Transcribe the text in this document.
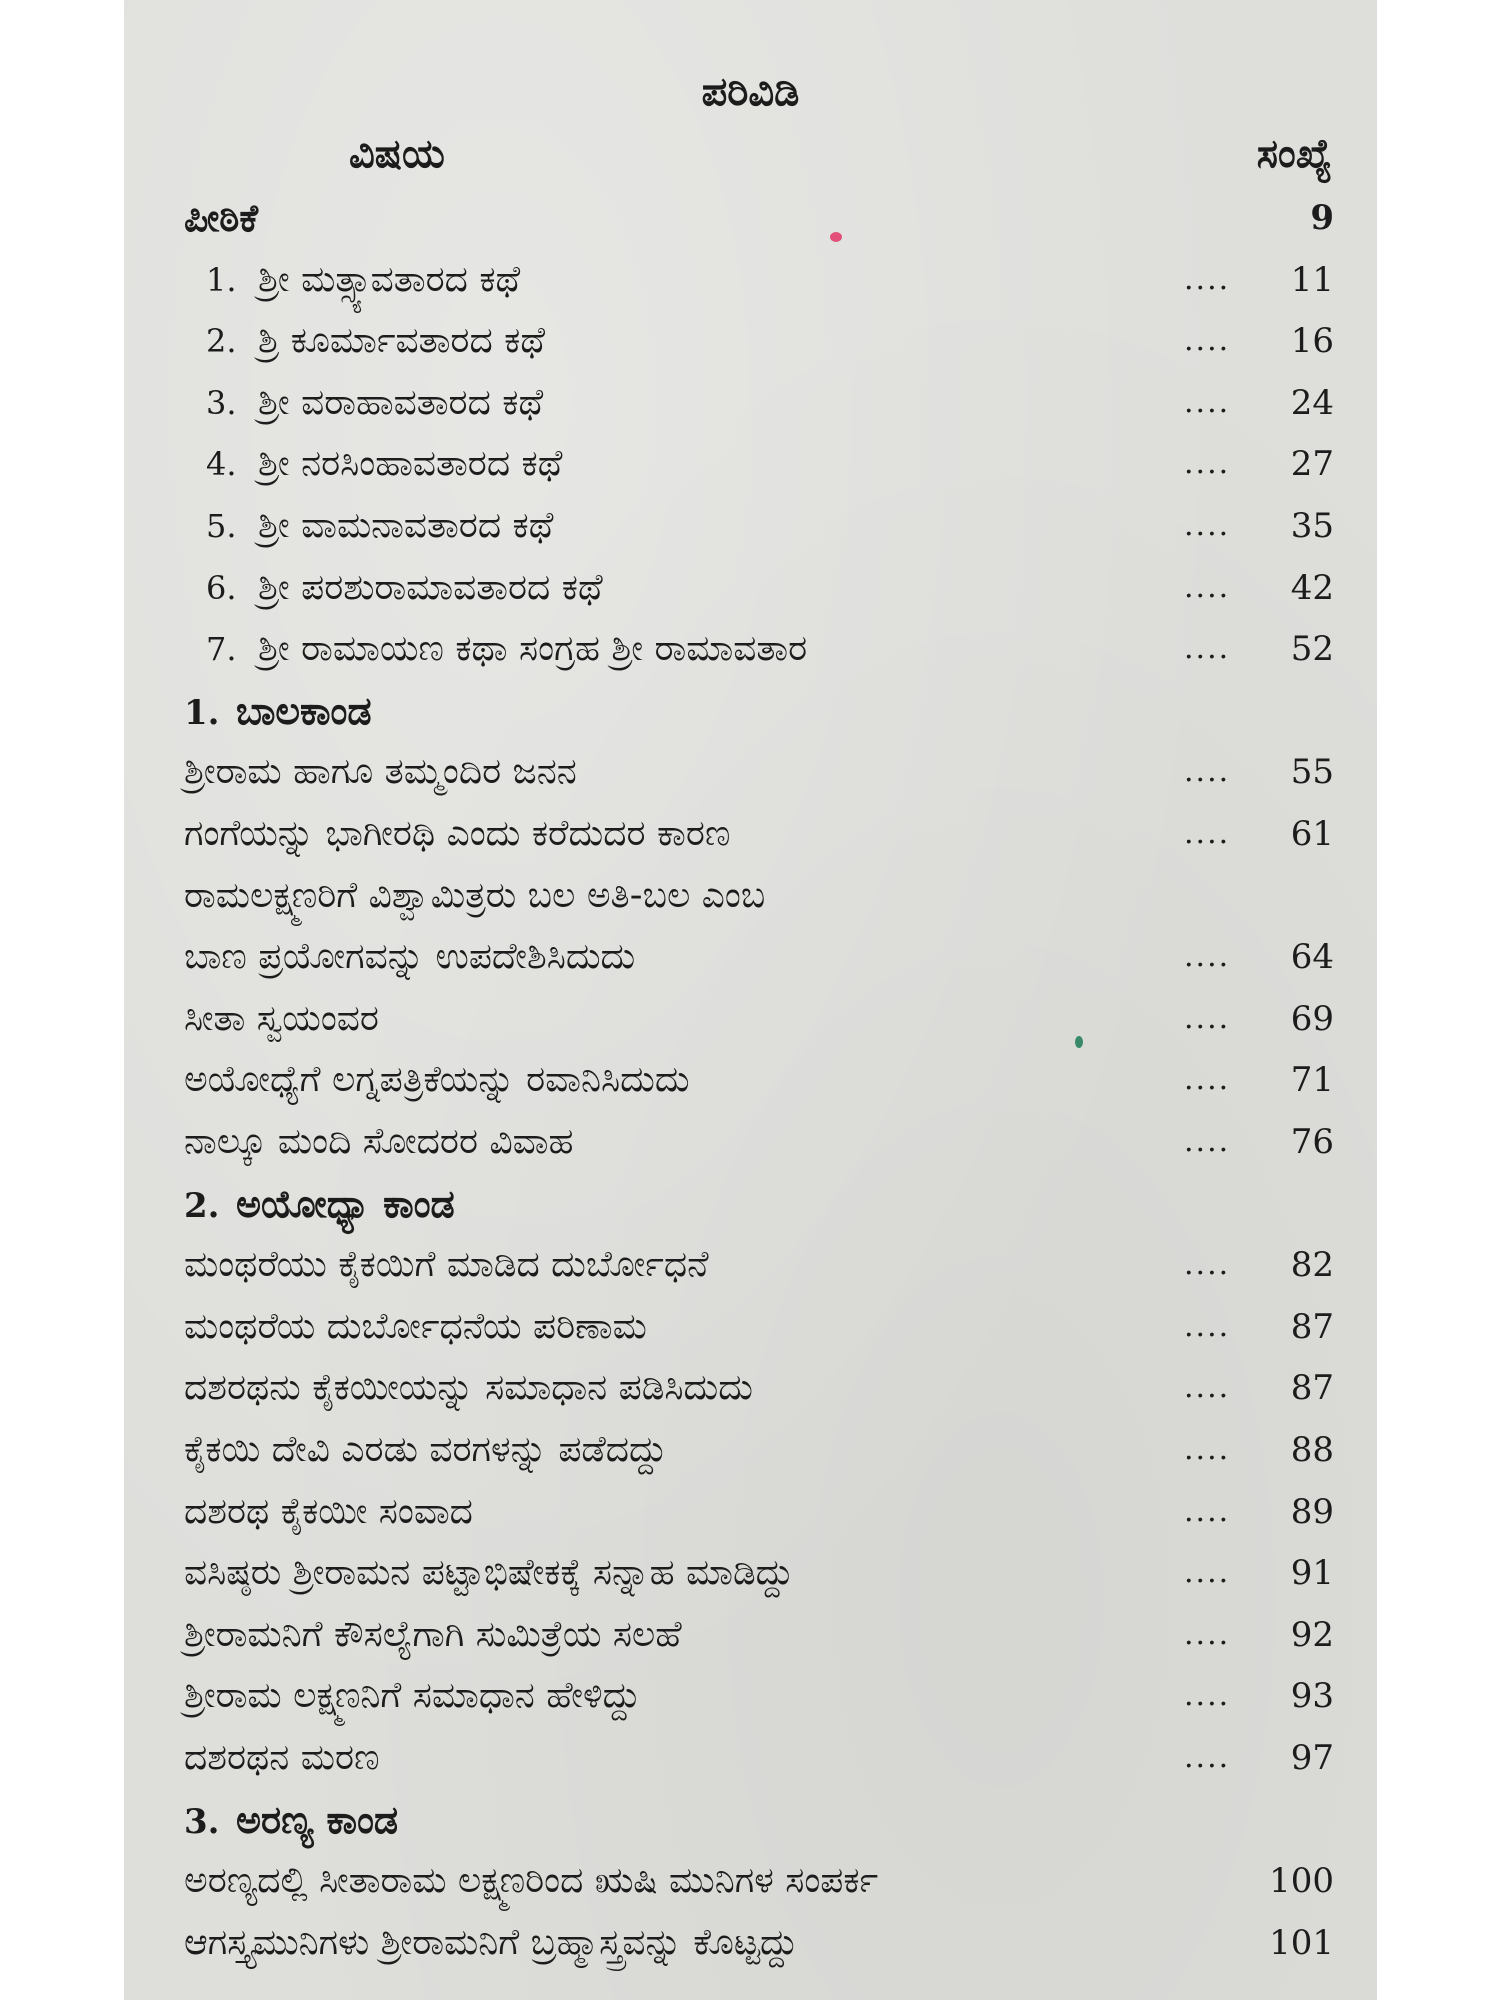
ಪರಿವಿಡಿ
ವಿಷಯ	ಸಂಖ್ಯೆ
ಪೀಠಿಕೆ	9
1. ಶ್ರೀ ಮತ್ಸ್ಯಾವತಾರದ ಕಥೆ	....	11
2. ಶ್ರಿ ಕೂರ್ಮಾವತಾರದ ಕಥೆ	....	16
3. ಶ್ರೀ ವರಾಹಾವತಾರದ ಕಥೆ	....	24
4. ಶ್ರೀ ನರಸಿಂಹಾವತಾರದ ಕಥೆ	....	27
5. ಶ್ರೀ ವಾಮನಾವತಾರದ ಕಥೆ	....	35
6. ಶ್ರೀ ಪರಶುರಾಮಾವತಾರದ ಕಥೆ	....	42
7. ಶ್ರೀ ರಾಮಾಯಣ ಕಥಾ ಸಂಗ್ರಹ ಶ್ರೀ ರಾಮಾವತಾರ	....	52
1. ಬಾಲಕಾಂಡ
ಶ್ರೀರಾಮ ಹಾಗೂ ತಮ್ಮಂದಿರ ಜನನ	....	55
ಗಂಗೆಯನ್ನು ಭಾಗೀರಥಿ ಎಂದು ಕರೆದುದರ ಕಾರಣ	....	61
ರಾಮಲಕ್ಷ್ಮಣರಿಗೆ ವಿಶ್ವಾಮಿತ್ರರು ಬಲ ಅತಿ-ಬಲ ಎಂಬ
ಬಾಣ ಪ್ರಯೋಗವನ್ನು ಉಪದೇಶಿಸಿದುದು	....	64
ಸೀತಾ ಸ್ವಯಂವರ	....	69
ಅಯೋಧ್ಯೆಗೆ ಲಗ್ನಪತ್ರಿಕೆಯನ್ನು ರವಾನಿಸಿದುದು	....	71
ನಾಲ್ಕೂ ಮಂದಿ ಸೋದರರ ವಿವಾಹ	....	76
2. ಅಯೋಧ್ಯಾ ಕಾಂಡ
ಮಂಥರೆಯು ಕೈಕಯಿಗೆ ಮಾಡಿದ ದುರ್ಬೋಧನೆ	....	82
ಮಂಥರೆಯ ದುರ್ಬೋಧನೆಯ ಪರಿಣಾಮ	....	87
ದಶರಥನು ಕೈಕಯೀಯನ್ನು ಸಮಾಧಾನ ಪಡಿಸಿದುದು	....	87
ಕೈಕಯಿ ದೇವಿ ಎರಡು ವರಗಳನ್ನು ಪಡೆದದ್ದು	....	88
ದಶರಥ ಕೈಕಯೀ ಸಂವಾದ	....	89
ವಸಿಷ್ಠರು ಶ್ರೀರಾಮನ ಪಟ್ಟಾಭಿಷೇಕಕ್ಕೆ ಸನ್ನಾಹ ಮಾಡಿದ್ದು	....	91
ಶ್ರೀರಾಮನಿಗೆ ಕೌಸಲ್ಯೆಗಾಗಿ ಸುಮಿತ್ರೆಯ ಸಲಹೆ	....	92
ಶ್ರೀರಾಮ ಲಕ್ಷ್ಮಣನಿಗೆ ಸಮಾಧಾನ ಹೇಳಿದ್ದು	....	93
ದಶರಥನ ಮರಣ	....	97
3. ಅರಣ್ಯ ಕಾಂಡ
ಅರಣ್ಯದಲ್ಲಿ ಸೀತಾರಾಮ ಲಕ್ಷ್ಮಣರಿಂದ ಋಷಿ ಮುನಿಗಳ ಸಂಪರ್ಕ	100
ಆಗಸ್ತ್ಯಮುನಿಗಳು ಶ್ರೀರಾಮನಿಗೆ ಬ್ರಹ್ಮಾಸ್ತ್ರವನ್ನು ಕೊಟ್ಟದ್ದು	101
